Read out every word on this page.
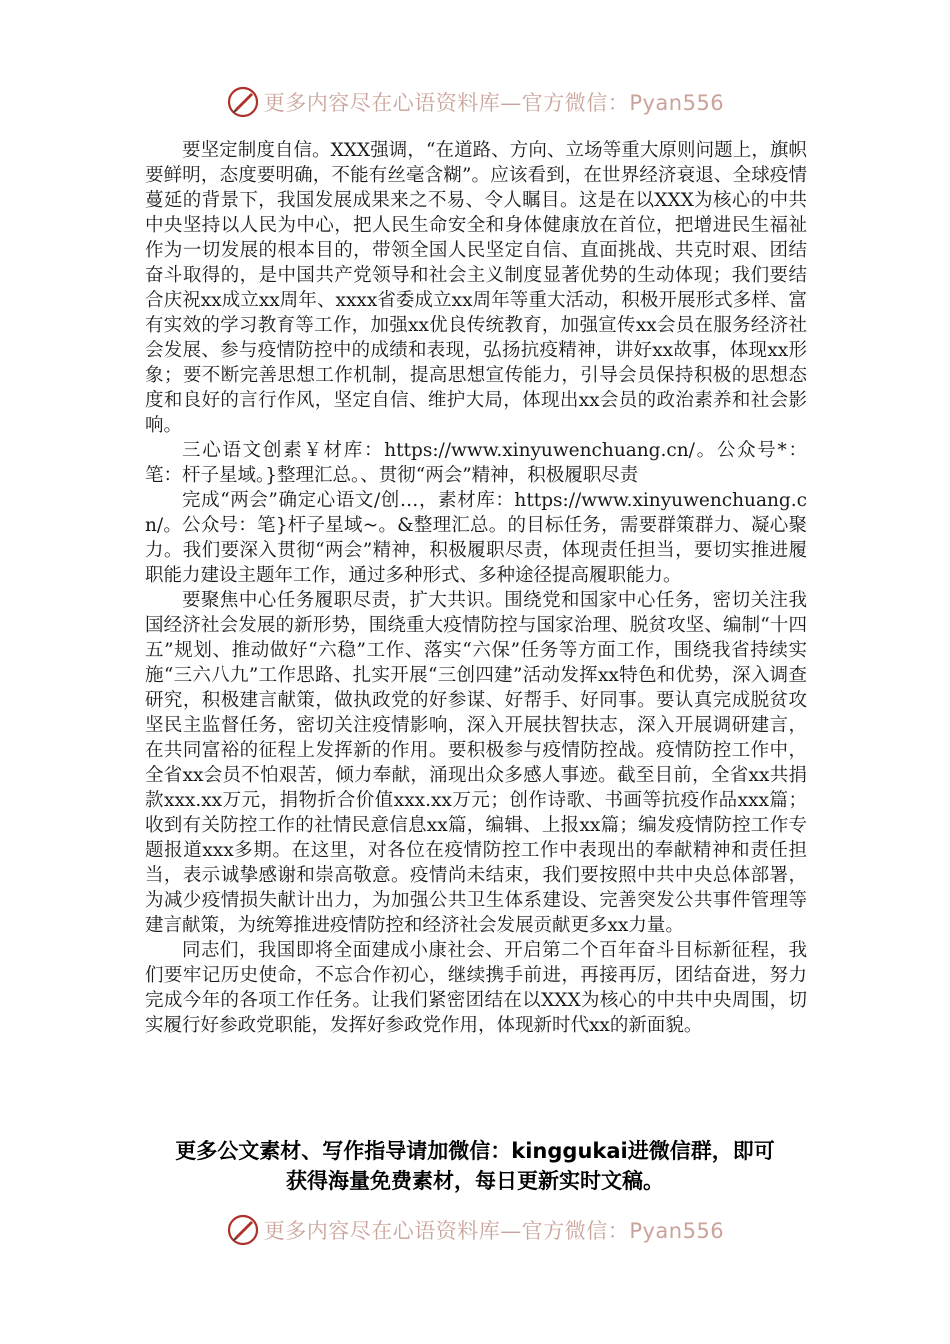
更多内容尽在心语资料库—官方微信：Pyan556

要坚定制度自信。XXX强调，“在道路、方向、立场等重大原则问题上，旗帜要鲜明，态度要明确，不能有丝毫含糊”。应该看到，在世界经济衰退、全球疫情蔓延的背景下，我国发展成果来之不易、令人瞩目。这是在以XXX为核心的中共中央坚持以人民为中心，把人民生命安全和身体健康放在首位，把增进民生福祉作为一切发展的根本目的，带领全国人民坚定自信、直面挑战、共克时艰、团结奋斗取得的，是中国共产党领导和社会主义制度显著优势的生动体现；我们要结合庆祝xx成立xx周年、xxxx省委成立xx周年等重大活动，积极开展形式多样、富有实效的学习教育等工作，加强xx优良传统教育，加强宣传xx会员在服务经济社会发展、参与疫情防控中的成绩和表现，弘扬抗疫精神，讲好xx故事，体现xx形象；要不断完善思想工作机制，提高思想宣传能力，引导会员保持积极的思想态度和良好的言行作风，坚定自信、维护大局，体现出xx会员的政治素养和社会影响。

三心语文创素￥材库：https://www.xinyuwenchuang.cn/。公众号*：笔：杆子星域。}整理汇总。、贯彻“两会”精神，积极履职尽责

完成“两会”确定心语文/创…，素材库：https://www.xinyuwenchuang.cn/。公众号：笔}杆子星域~。&整理汇总。的目标任务，需要群策群力、凝心聚力。我们要深入贯彻“两会”精神，积极履职尽责，体现责任担当，要切实推进履职能力建设主题年工作，通过多种形式、多种途径提高履职能力。

要聚焦中心任务履职尽责，扩大共识。围绕党和国家中心任务，密切关注我国经济社会发展的新形势，围绕重大疫情防控与国家治理、脱贫攻坚、编制“十四五”规划、推动做好“六稳”工作、落实“六保”任务等方面工作，围绕我省持续实施“三六八九”工作思路、扎实开展“三创四建”活动发挥xx特色和优势，深入调查研究，积极建言献策，做执政党的好参谋、好帮手、好同事。要认真完成脱贫攻坚民主监督任务，密切关注疫情影响，深入开展扶智扶志，深入开展调研建言，在共同富裕的征程上发挥新的作用。要积极参与疫情防控战。疫情防控工作中，全省xx会员不怕艰苦，倾力奉献，涌现出众多感人事迹。截至目前，全省xx共捐款xxx.xx万元，捐物折合价值xxx.xx万元；创作诗歌、书画等抗疫作品xxx篇；收到有关防控工作的社情民意信息xx篇，编辑、上报xx篇；编发疫情防控工作专题报道xxx多期。在这里，对各位在疫情防控工作中表现出的奉献精神和责任担当，表示诚挚感谢和崇高敬意。疫情尚未结束，我们要按照中共中央总体部署，为减少疫情损失献计出力，为加强公共卫生体系建设、完善突发公共事件管理等建言献策，为统筹推进疫情防控和经济社会发展贡献更多xx力量。

同志们，我国即将全面建成小康社会、开启第二个百年奋斗目标新征程，我们要牢记历史使命，不忘合作初心，继续携手前进，再接再厉，团结奋进，努力完成今年的各项工作任务。让我们紧密团结在以XXX为核心的中共中央周围，切实履行好参政党职能，发挥好参政党作用，体现新时代xx的新面貌。

更多公文素材、写作指导请加微信：kinggukai进微信群，即可
获得海量免费素材，每日更新实时文稿。
更多内容尽在心语资料库—官方微信：Pyan556
